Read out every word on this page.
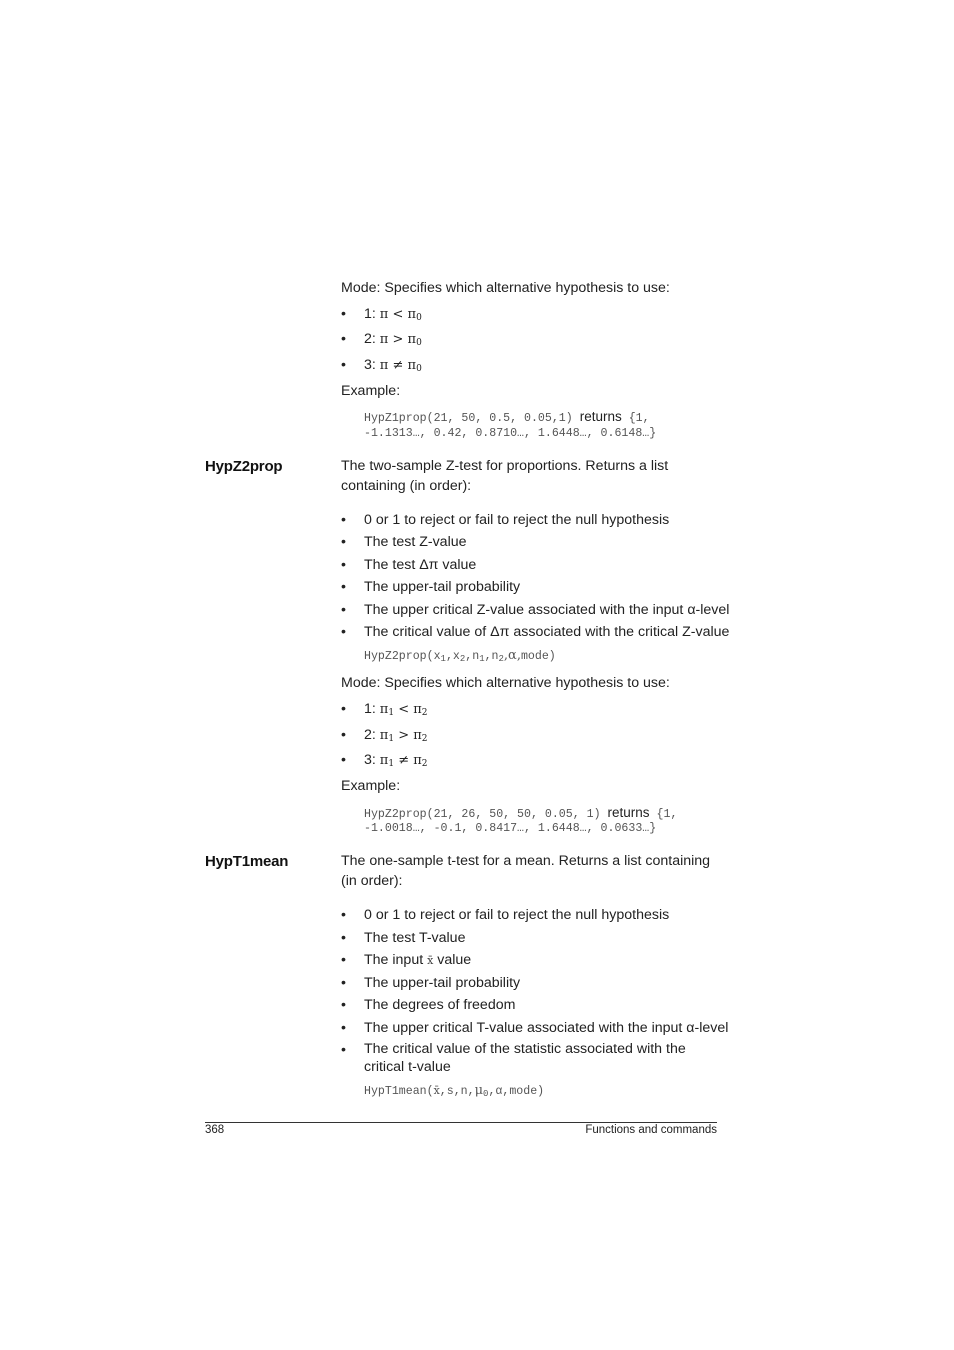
Mode: Specifies which alternative hypothesis to use:
• 1: $\pi < \pi_0$
• 2: $\pi > \pi_0$
• 3: $\pi \ne \pi_0$
Example:
HypZ1prop(21, 50, 0.5, 0.05,1) returns {1,
-1.1313…, 0.42, 0.8710…, 1.6448…, 0.6148…}
HypZ2prop	The two-sample Z-test for proportions. Returns a list containing (in order):
• 0 or 1 to reject or fail to reject the null hypothesis
• The test Z-value
• The test Δπ value
• The upper-tail probability
• The upper critical Z-value associated with the input α-level
• The critical value of Δπ associated with the critical Z-value
$HypZ2prop(x_1,x_2,n_1,n_2,\alpha,mode)$
Mode: Specifies which alternative hypothesis to use:
• 1: $\pi_1 < \pi_2$
• 2: $\pi_1 > \pi_2$
• 3: $\pi_1 \ne \pi_2$
Example:
HypZ2prop(21, 26, 50, 50, 0.05, 1) returns {1,
-1.0018…, -0.1, 0.8417…, 1.6448…, 0.0633…}
HypT1mean	The one-sample t-test for a mean. Returns a list containing (in order):
• 0 or 1 to reject or fail to reject the null hypothesis
• The test T-value
• The input x̄ value
• The upper-tail probability
• The degrees of freedom
• The upper critical T-value associated with the input α-level
• The critical value of the statistic associated with the critical t-value
$HypT1mean(x̄,s,n,\mu_0,\alpha,mode)$
368	Functions and commands
